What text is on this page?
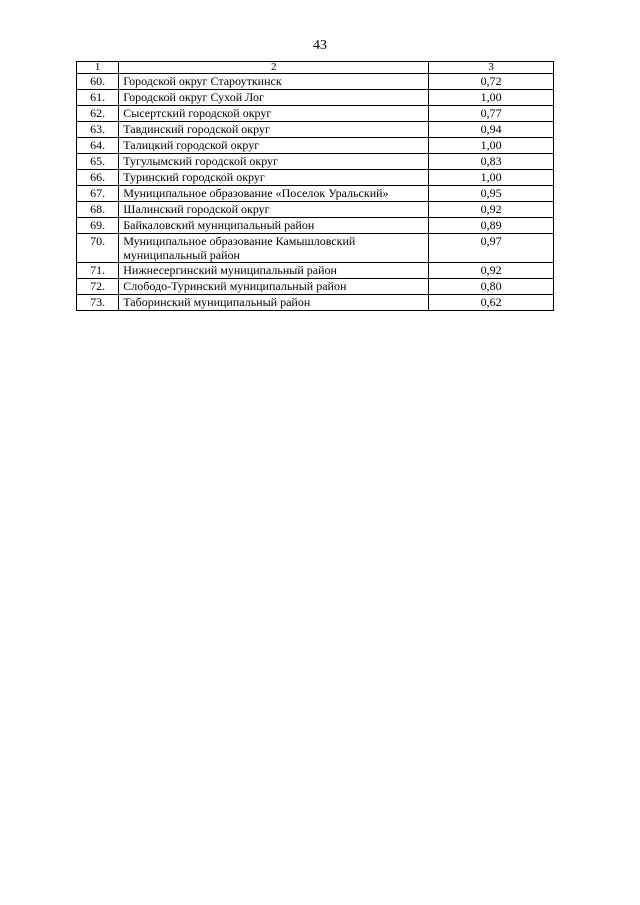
43
1	2	3
60.	Городской округ Староуткинск	0,72
61.	Городской округ Сухой Лог	1,00
62.	Сысертский городской округ	0,77
63.	Тавдинский городской округ	0,94
64.	Талицкий городской округ	1,00
65.	Тугулымский городской округ	0,83
66.	Туринский городской округ	1,00
67.	Муниципальное образование «Поселок Уральский»	0,95
68.	Шалинский городской округ	0,92
69.	Байкаловский муниципальный район	0,89
70.	Муниципальное образование Камышловский муниципальный район	0,97
71.	Нижнесергинский муниципальный район	0,92
72.	Слободо-Туринский муниципальный район	0,80
73.	Таборинский муниципальный район	0,62
